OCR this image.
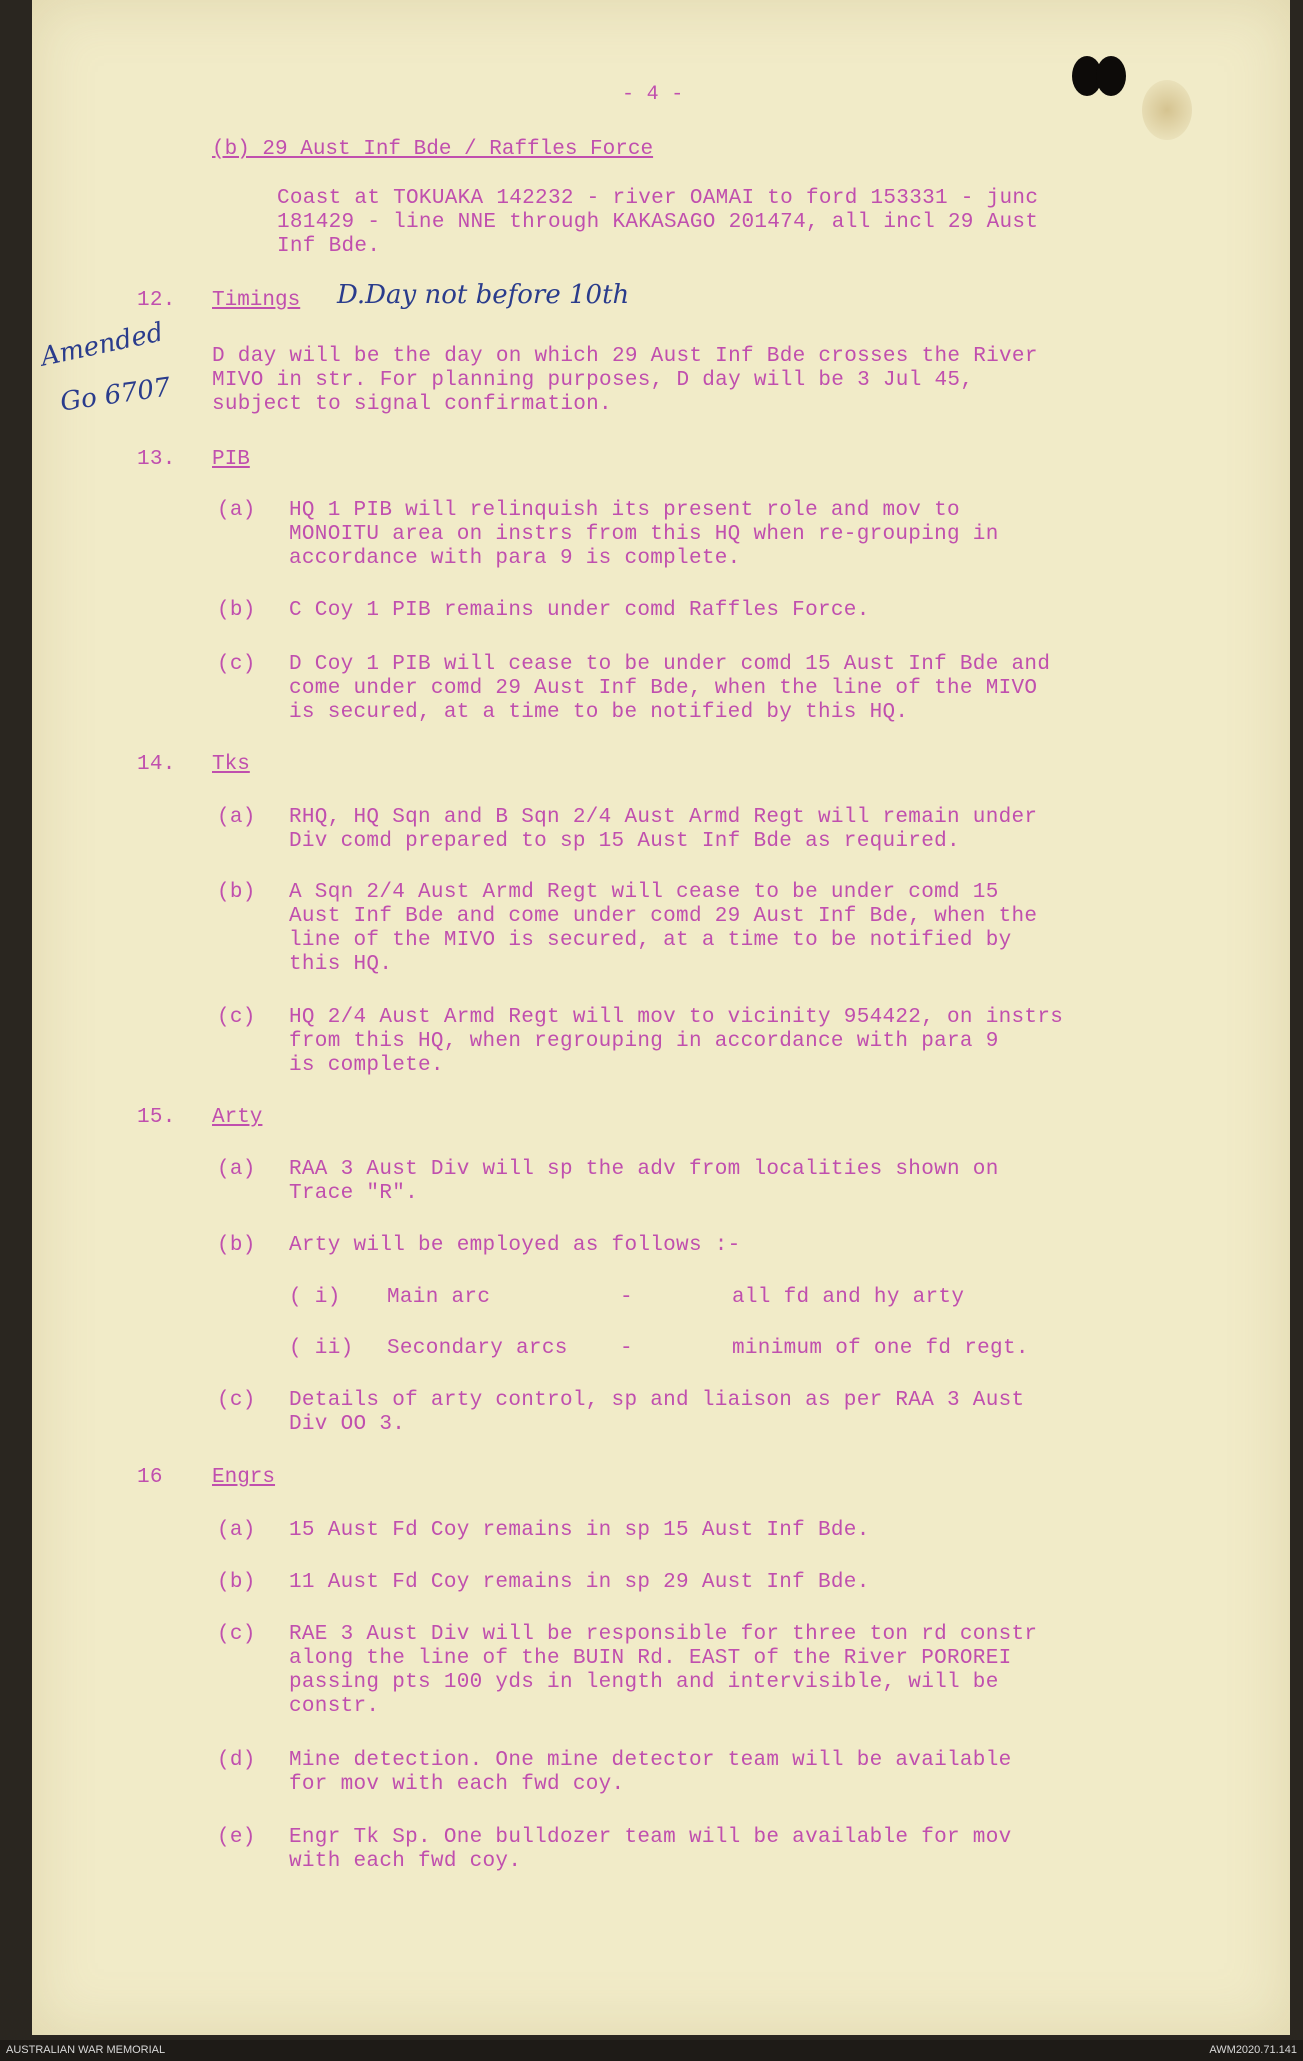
- 4 -
(b) 29 Aust Inf Bde / Raffles Force
Coast at TOKUAKA 142232 - river OAMAI to ford 153331 - junc
181429 - line NNE through KAKASAGO 201474, all incl 29 Aust
Inf Bde.
12. Timings D.Day not before 10th
Amended
Go 6707
D day will be the day on which 29 Aust Inf Bde crosses the River
MIVO in str. For planning purposes, D day will be 3 Jul 45,
subject to signal confirmation.
13. PIB
(a) HQ 1 PIB will relinquish its present role and mov to
MONOITU area on instrs from this HQ when re-grouping in
accordance with para 9 is complete.
(b) C Coy 1 PIB remains under comd Raffles Force.
(c) D Coy 1 PIB will cease to be under comd 15 Aust Inf Bde and
come under comd 29 Aust Inf Bde, when the line of the MIVO
is secured, at a time to be notified by this HQ.
14. Tks
(a) RHQ, HQ Sqn and B Sqn 2/4 Aust Armd Regt will remain under
Div comd prepared to sp 15 Aust Inf Bde as required.
(b) A Sqn 2/4 Aust Armd Regt will cease to be under comd 15
Aust Inf Bde and come under comd 29 Aust Inf Bde, when the
line of the MIVO is secured, at a time to be notified by
this HQ.
(c) HQ 2/4 Aust Armd Regt will mov to vicinity 954422, on instrs
from this HQ, when regrouping in accordance with para 9
is complete.
15. Arty
(a) RAA 3 Aust Div will sp the adv from localities shown on
Trace "R".
(b) Arty will be employed as follows :-
( i) Main arc	-	all fd and hy arty
( ii) Secondary arcs -	minimum of one fd regt.
(c) Details of arty control, sp and liaison as per RAA 3 Aust
Div OO 3.
16 Engrs
(a) 15 Aust Fd Coy remains in sp 15 Aust Inf Bde.
(b) 11 Aust Fd Coy remains in sp 29 Aust Inf Bde.
(c) RAE 3 Aust Div will be responsible for three ton rd constr
along the line of the BUIN Rd. EAST of the River POROREI
passing pts 100 yds in length and intervisible, will be
constr.
(d) Mine detection. One mine detector team will be available
for mov with each fwd coy.
(e) Engr Tk Sp. One bulldozer team will be available for mov
with each fwd coy.
AUSTRALIAN WAR MEMORIAL	AWM2020.71.141
